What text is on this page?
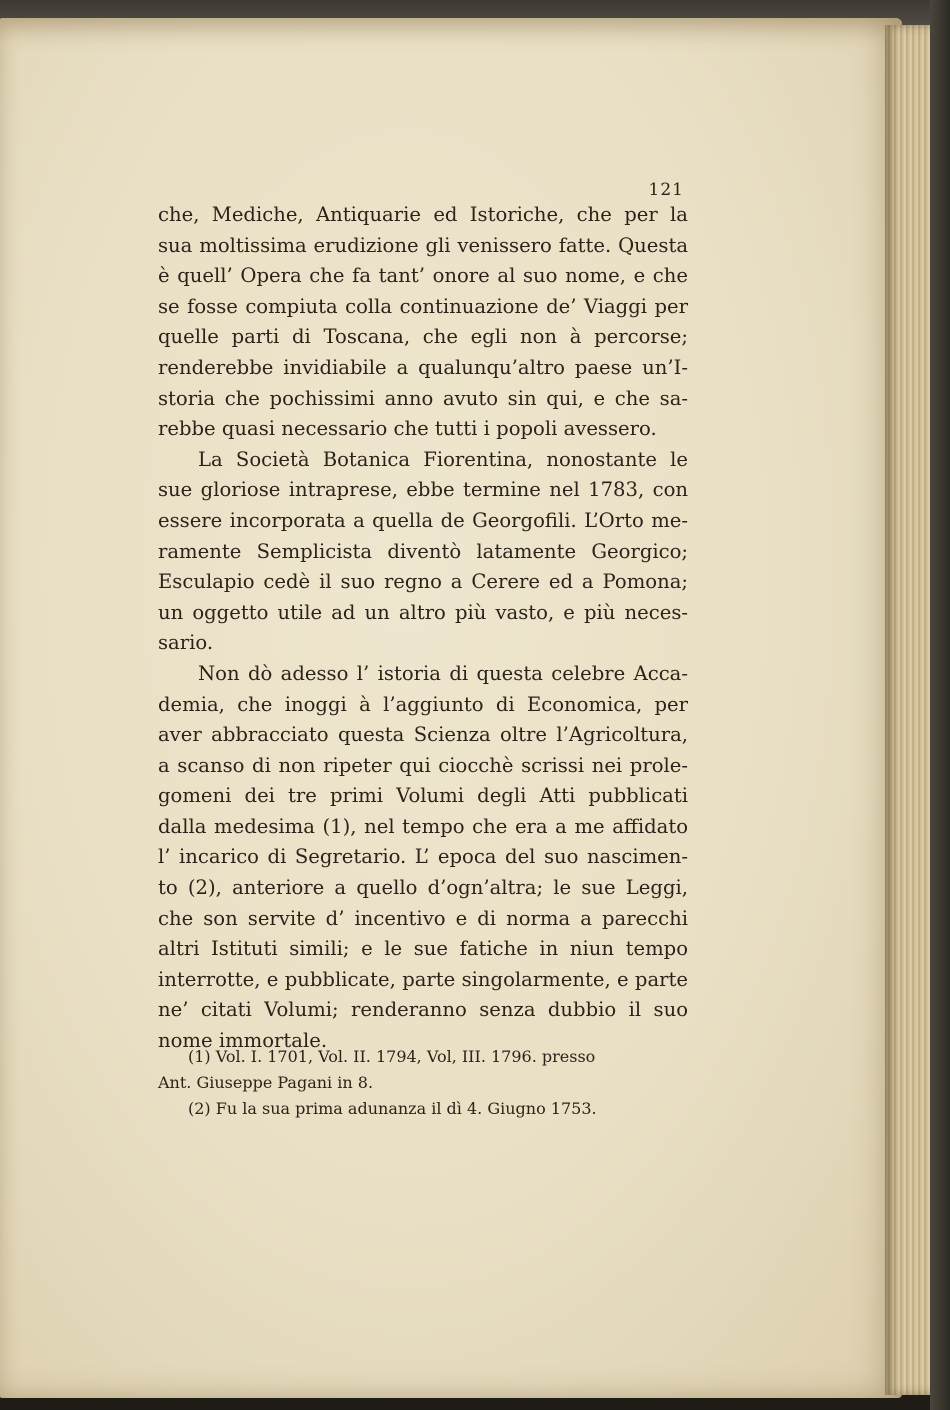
121
che, Mediche, Antiquarie ed Istoriche, che per la
sua moltissima erudizione gli venissero fatte. Questa
è quell’ Opera che fa tant’ onore al suo nome, e che
se fosse compiuta colla continuazione de’ Viaggi per
quelle parti di Toscana, che egli non à percorse;
renderebbe invidiabile a qualunqu’altro paese un’I-
storia che pochissimi anno avuto sin qui, e che sa-
rebbe quasi necessario che tutti i popoli avessero.
La Società Botanica Fiorentina, nonostante le
sue gloriose intraprese, ebbe termine nel 1783, con
essere incorporata a quella de Georgofili. L’Orto me-
ramente Semplicista diventò latamente Georgico;
Esculapio cedè il suo regno a Cerere ed a Pomona;
un oggetto utile ad un altro più vasto, e più neces-
sario.
Non dò adesso l’ istoria di questa celebre Acca-
demia, che inoggi à l’aggiunto di Economica, per
aver abbracciato questa Scienza oltre l’Agricoltura,
a scanso di non ripeter qui ciocchè scrissi nei prole-
gomeni dei tre primi Volumi degli Atti pubblicati
dalla medesima (1), nel tempo che era a me affidato
l’ incarico di Segretario. L’ epoca del suo nascimen-
to (2), anteriore a quello d’ogn’altra; le sue Leggi,
che son servite d’ incentivo e di norma a parecchi
altri Istituti simili; e le sue fatiche in niun tempo
interrotte, e pubblicate, parte singolarmente, e parte
ne’ citati Volumi; renderanno senza dubbio il suo
nome immortale.
(1) Vol. I. 1701, Vol. II. 1794, Vol, III. 1796. presso
Ant. Giuseppe Pagani in 8.
(2) Fu la sua prima adunanza il dì 4. Giugno 1753.
